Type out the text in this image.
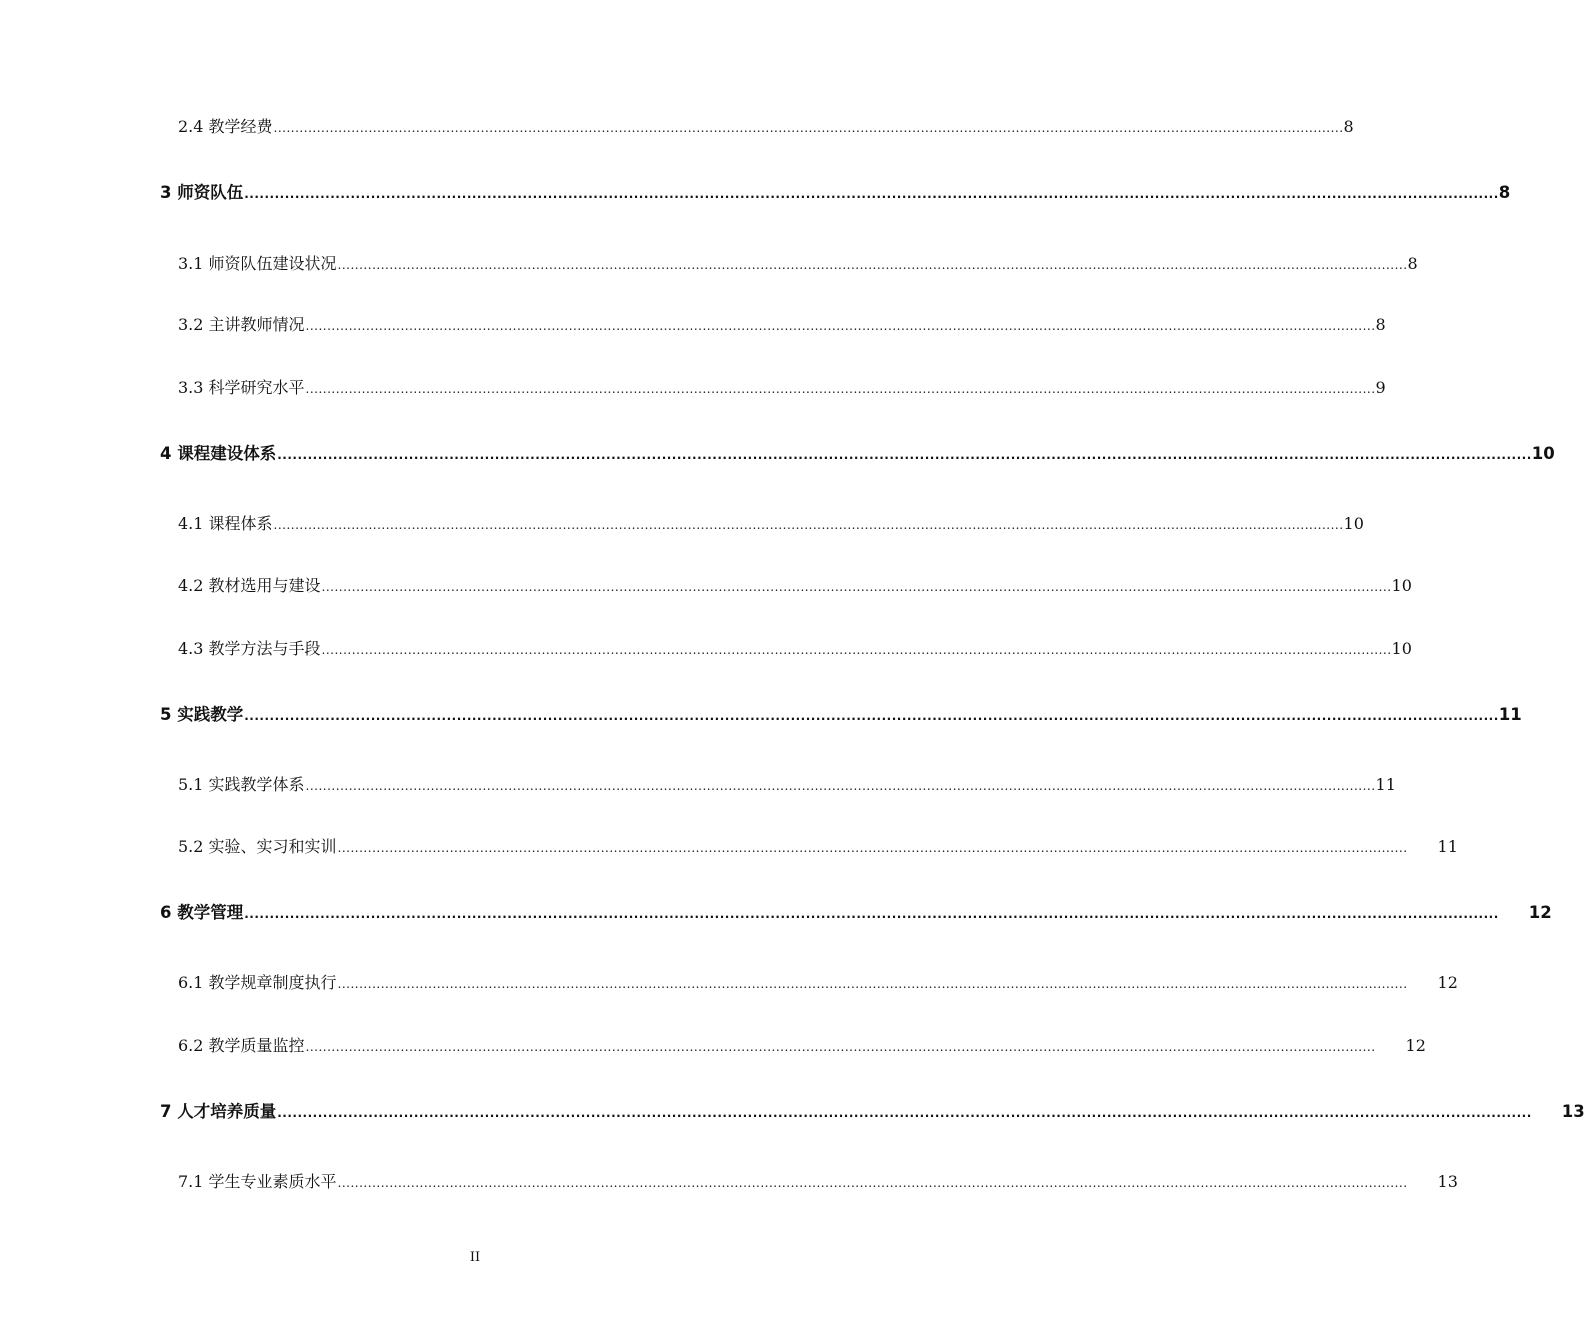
2.4 教学经费 ........................................................................................................................................................................................................................................................ 8
3 师资队伍 ........................................................................................................................................................................................................................................................ 8
3.1 师资队伍建设状况 ........................................................................................................................................................................................................................................................ 8
3.2 主讲教师情况 ........................................................................................................................................................................................................................................................ 8
3.3 科学研究水平 ........................................................................................................................................................................................................................................................ 9
4 课程建设体系 ........................................................................................................................................................................................................................................................ 10
4.1 课程体系 ........................................................................................................................................................................................................................................................ 10
4.2 教材选用与建设 ........................................................................................................................................................................................................................................................ 10
4.3 教学方法与手段 ........................................................................................................................................................................................................................................................ 10
5 实践教学 ........................................................................................................................................................................................................................................................ 11
5.1 实践教学体系 ........................................................................................................................................................................................................................................................ 11
5.2 实验、实习和实训 ........................................................................................................................................................................................................................................................ 11
6 教学管理 ........................................................................................................................................................................................................................................................ 12
6.1 教学规章制度执行 ........................................................................................................................................................................................................................................................ 12
6.2 教学质量监控 ........................................................................................................................................................................................................................................................ 12
7 人才培养质量 ........................................................................................................................................................................................................................................................ 13
7.1 学生专业素质水平 ........................................................................................................................................................................................................................................................ 13
II
